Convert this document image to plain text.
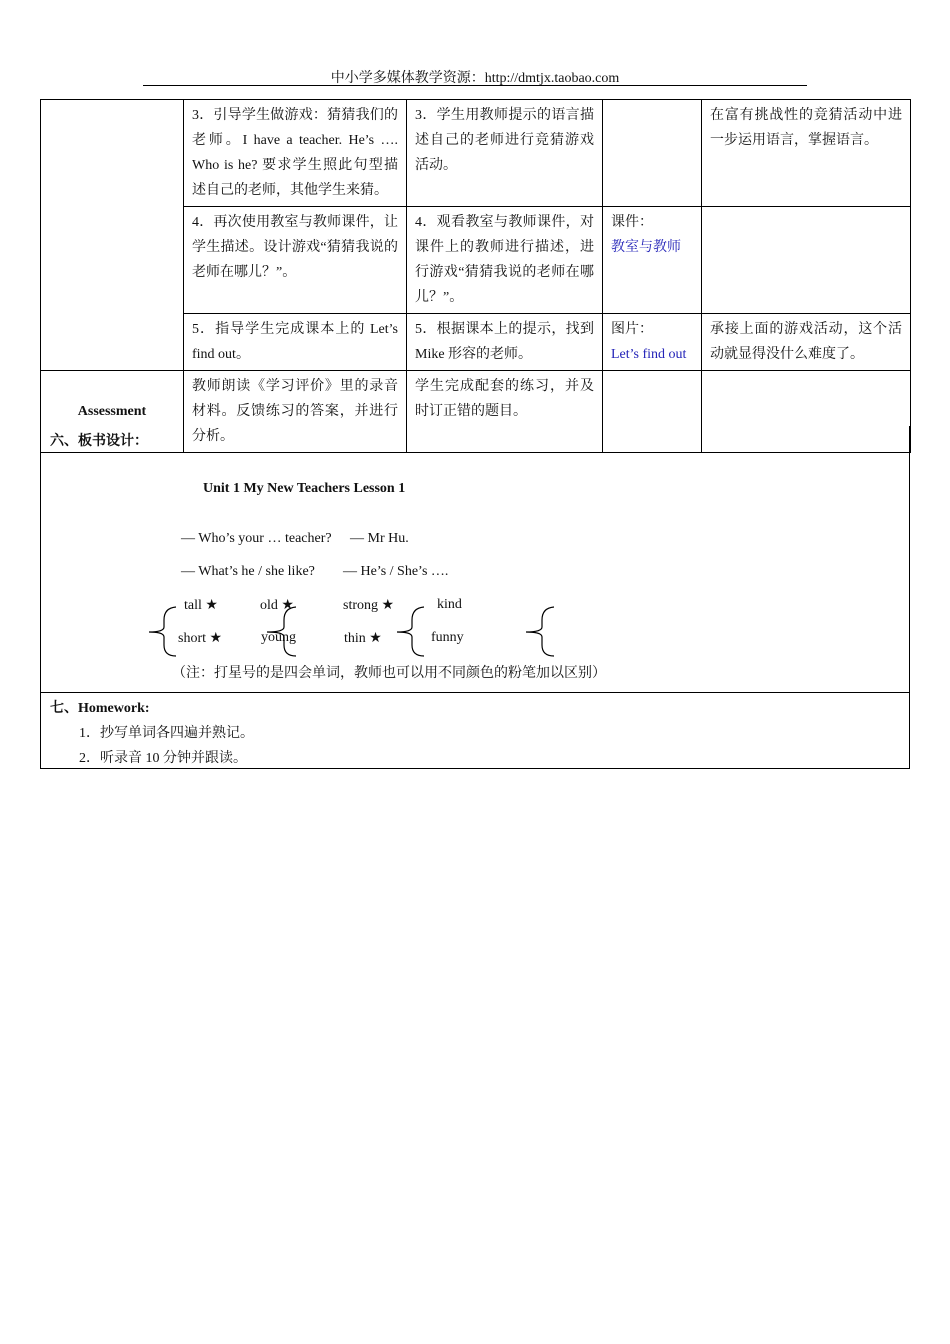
中小学多媒体教学资源：http://dmtjx.taobao.com
	3．引导学生做游戏：猜猜我们的老师。I have a teacher. He’s …. Who is he? 要求学生照此句型描述自己的老师，其他学生来猜。	3．学生用教师提示的语言描述自己的老师进行竞猜游戏活动。		在富有挑战性的竞猜活动中进一步运用语言，掌握语言。
	4．再次使用教室与教师课件，让学生描述。设计游戏“猜猜我说的老师在哪儿？”。	4．观看教室与教师课件，对课件上的教师进行描述，进行游戏“猜猜我说的老师在哪儿？”。	课件：
教室与教师	

	5．指导学生完成课本上的 Let’s find out。	5．根据课本上的提示，找到 Mike 形容的老师。	图片：
Let’s find out	承接上面的游戏活动，这个活动就显得没什么难度了。
Assessment	教师朗读《学习评价》里的录音材料。反馈练习的答案，并进行分析。	学生完成配套的练习，并及时订正错的题目。		
六、板书设计：
Unit 1 My New Teachers Lesson 1
— Who’s your … teacher? — Mr Hu.
— What’s he / she like? — He’s / She’s ….
tall ★
short ★
old ★
young
strong ★
thin ★
kind
funny
（注：打星号的是四会单词，教师也可以用不同颜色的粉笔加以区别）
七、Homework:
1．抄写单词各四遍并熟记。
2．听录音 10 分钟并跟读。
